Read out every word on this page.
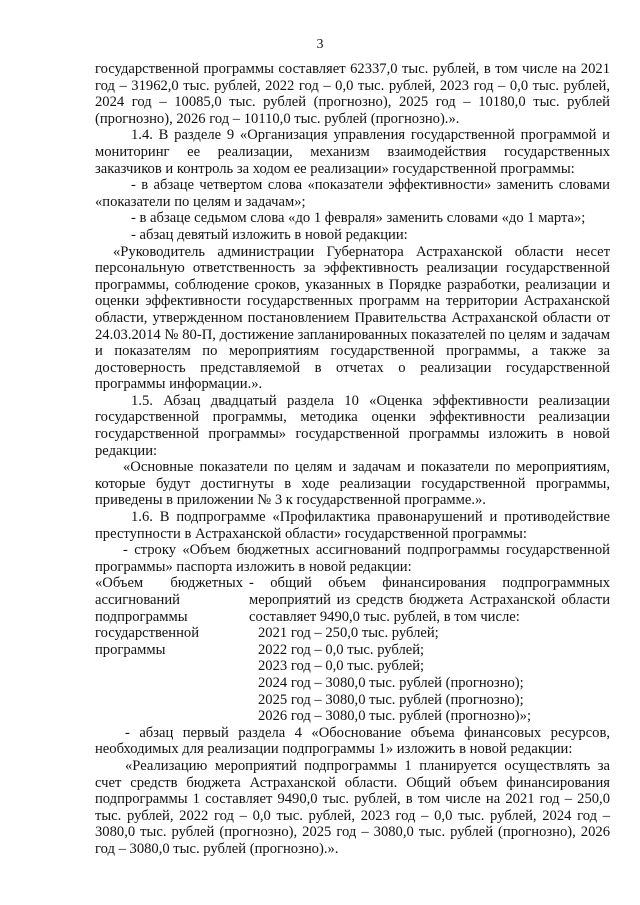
3

государственной программы составляет 62337,0 тыс. рублей, в том числе на 2021 год – 31962,0 тыс. рублей, 2022 год – 0,0 тыс. рублей, 2023 год – 0,0 тыс. рублей, 2024 год – 10085,0 тыс. рублей (прогнозно), 2025 год – 10180,0 тыс. рублей (прогнозно), 2026 год – 10110,0 тыс. рублей (прогнозно).».

1.4. В разделе 9 «Организация управления государственной программой и мониторинг ее реализации, механизм взаимодействия государственных заказчиков и контроль за ходом ее реализации» государственной программы:

- в абзаце четвертом слова «показатели эффективности» заменить словами «показатели по целям и задачам»;

- в абзаце седьмом слова «до 1 февраля» заменить словами «до 1 марта»;

- абзац девятый изложить в новой редакции:

«Руководитель администрации Губернатора Астраханской области несет персональную ответственность за эффективность реализации государственной программы, соблюдение сроков, указанных в Порядке разработки, реализации и оценки эффективности государственных программ на территории Астраханской области, утвержденном постановлением Правительства Астраханской области от 24.03.2014 № 80-П, достижение запланированных показателей по целям и задачам и показателям по мероприятиям государственной программы, а также за достоверность представляемой в отчетах о реализации государственной программы информации.».

1.5. Абзац двадцатый раздела 10 «Оценка эффективности реализации государственной программы, методика оценки эффективности реализации государственной программы» государственной программы изложить в новой редакции:

«Основные показатели по целям и задачам и показатели по мероприятиям, которые будут достигнуты в ходе реализации государственной программы, приведены в приложении № 3 к государственной программе.».

1.6. В подпрограмме «Профилактика правонарушений и противодействие преступности в Астраханской области» государственной программы:

- строку «Объем бюджетных ассигнований подпрограммы государственной программы» паспорта изложить в новой редакции:

«Объем бюджетных ассигнований подпрограммы государственной программы

- общий объем финансирования подпрограммных мероприятий из средств бюджета Астраханской области составляет 9490,0 тыс. рублей, в том числе:

2021 год – 250,0 тыс. рублей;
2022 год – 0,0 тыс. рублей;
2023 год – 0,0 тыс. рублей;
2024 год – 3080,0 тыс. рублей (прогнозно);
2025 год – 3080,0 тыс. рублей (прогнозно);
2026 год – 3080,0 тыс. рублей (прогнозно)»;

- абзац первый раздела 4 «Обоснование объема финансовых ресурсов, необходимых для реализации подпрограммы 1» изложить в новой редакции:

«Реализацию мероприятий подпрограммы 1 планируется осуществлять за счет средств бюджета Астраханской области. Общий объем финансирования подпрограммы 1 составляет 9490,0 тыс. рублей, в том числе на 2021 год – 250,0 тыс. рублей, 2022 год – 0,0 тыс. рублей, 2023 год – 0,0 тыс. рублей, 2024 год – 3080,0 тыс. рублей (прогнозно), 2025 год – 3080,0 тыс. рублей (прогнозно), 2026 год – 3080,0 тыс. рублей (прогнозно).».
